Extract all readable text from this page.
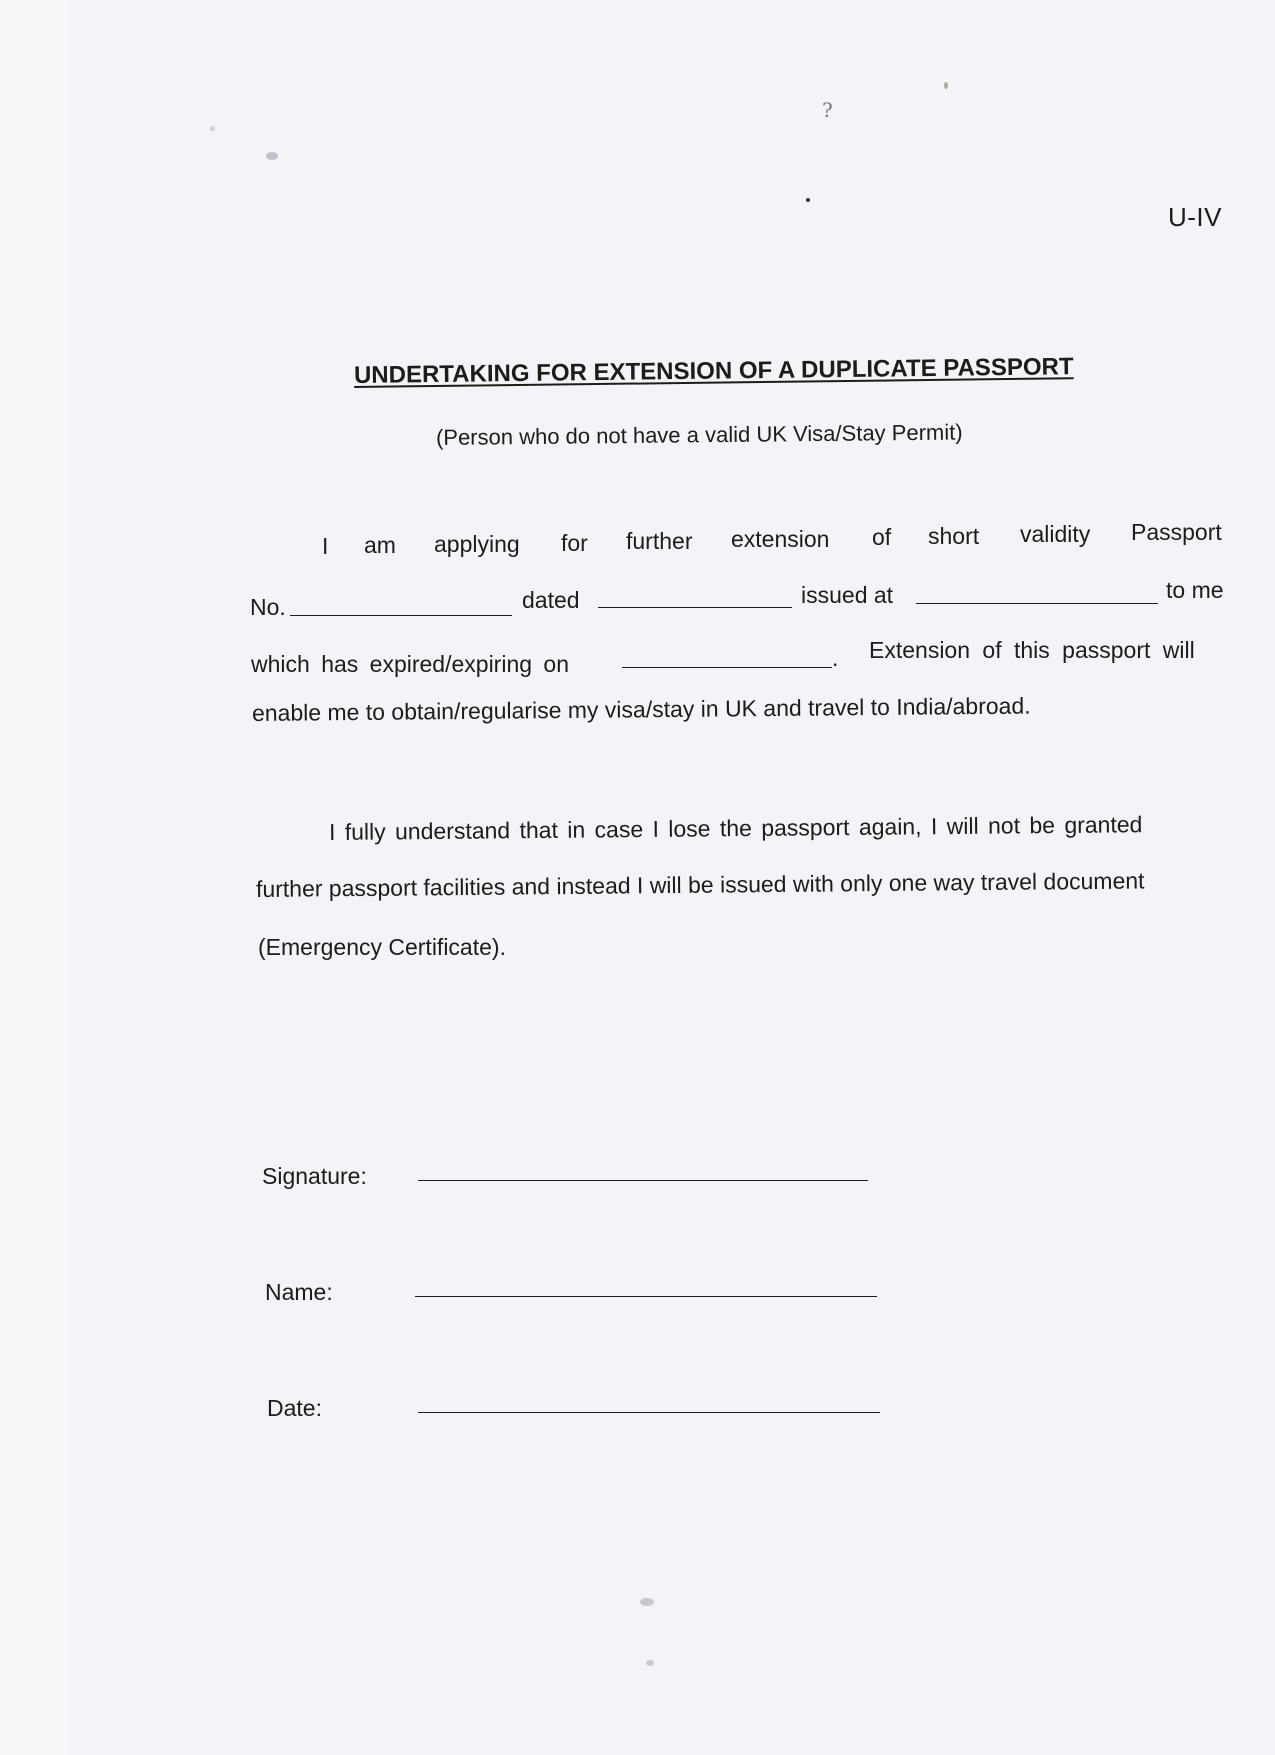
?
U-IV
UNDERTAKING FOR EXTENSION OF A DUPLICATE PASSPORT
(Person who do not have a valid UK Visa/Stay Permit)
I am applying for further extension of short validity Passport
No.	dated	issued at	to me
which has expired/expiring on	. Extension of this passport will
enable me to obtain/regularise my visa/stay in UK and travel to India/abroad.
I fully understand that in case I lose the passport again, I will not be granted
further passport facilities and instead I will be issued with only one way travel document
(Emergency Certificate).
Signature:
Name:
Date:
